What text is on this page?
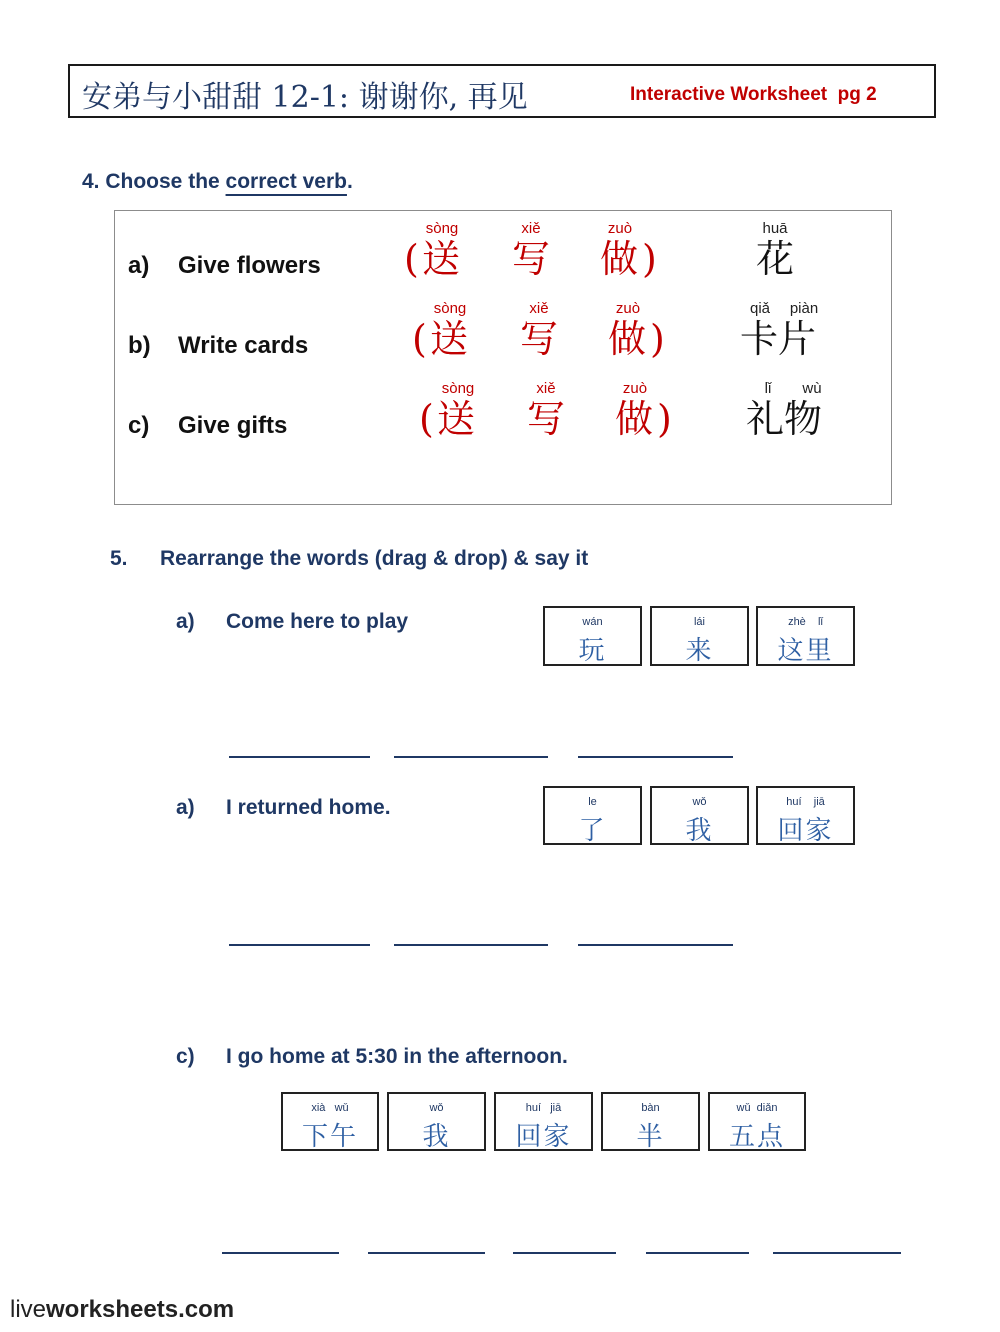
安弟与小甜甜 12-1: 谢谢你, 再见	Interactive Worksheet  pg 2
4. Choose the correct verb.
a) Give flowers
sòng	xiě	zuò
( 送 写 做 )
huā
花
b) Write cards
sòng	xiě	zuò
( 送 写 做 )
qiǎ	piàn
卡片
c) Give gifts
sòng	xiě	zuò
( 送 写 做 )
lǐ	wù
礼物
5. Rearrange the words (drag & drop) & say it
a) Come here to play	wán
玩
lái
来
zhè    lǐ
这里
a) I returned home.	le
了
wǒ
我
huí    jiā
回家
c) I go home at 5:30 in the afternoon.
xià   wǔ
下午
wǒ
我
huí   jiā
回家
bàn
半
wǔ  diǎn
五点
liveworksheets.com
